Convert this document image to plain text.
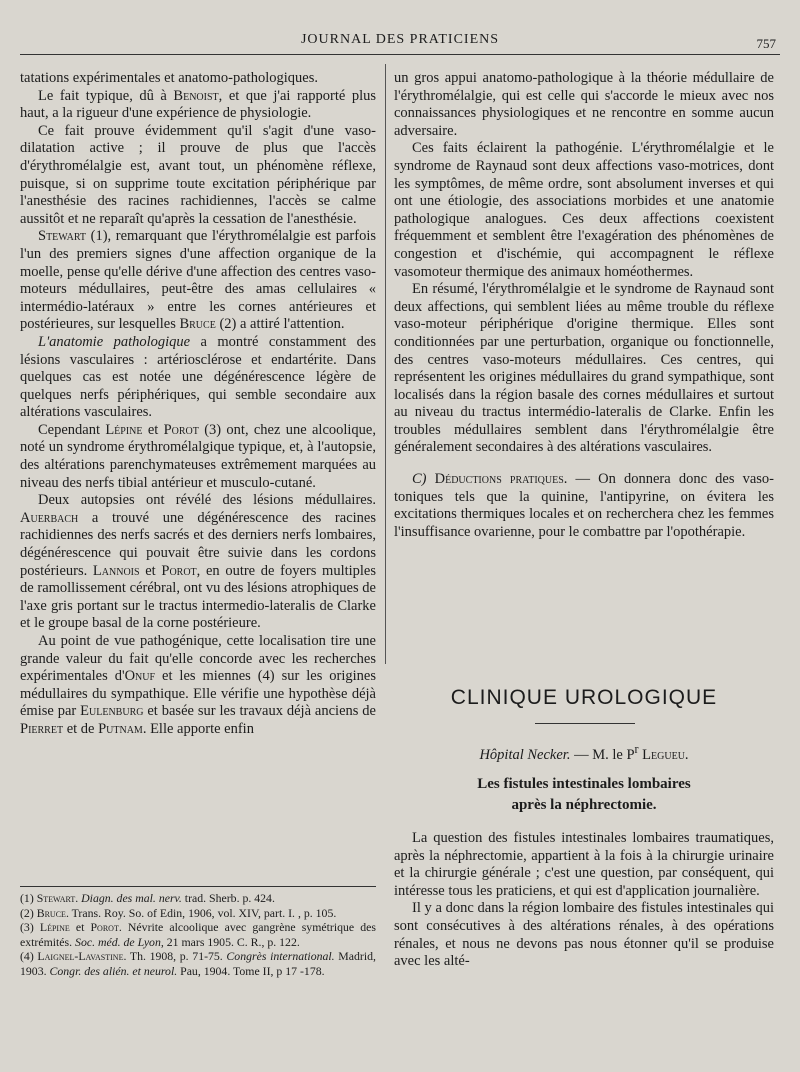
JOURNAL DES PRATICIENS	757

tatations expérimentales et anatomo-pathologiques.

Le fait typique, dû à Benoist, et que j'ai rapporté plus haut, a la rigueur d'une expérience de physiologie.

Ce fait prouve évidemment qu'il s'agit d'une vaso-dilatation active ; il prouve de plus que l'accès d'érythromélalgie est, avant tout, un phénomène réflexe, puisque, si on supprime toute excitation périphérique par l'anesthésie des racines rachidiennes, l'accès se calme aussitôt et ne reparaît qu'après la cessation de l'anesthésie.

Stewart (1), remarquant que l'érythromélalgie est parfois l'un des premiers signes d'une affection organique de la moelle, pense qu'elle dérive d'une affection des centres vaso-moteurs médullaires, peut-être des amas cellulaires « intermédio-latéraux » entre les cornes antérieures et postérieures, sur lesquelles Bruce (2) a attiré l'attention.

L'anatomie pathologique a montré constamment des lésions vasculaires : artériosclérose et endartérite. Dans quelques cas est notée une dégénérescence légère de quelques nerfs périphériques, qui semble secondaire aux altérations vasculaires.

Cependant Lépine et Porot (3) ont, chez une alcoolique, noté un syndrome érythromélalgique typique, et, à l'autopsie, des altérations parenchymateuses extrêmement marquées au niveau des nerfs tibial antérieur et musculo-cutané.

Deux autopsies ont révélé des lésions médullaires. Auerbach a trouvé une dégénérescence des racines rachidiennes des nerfs sacrés et des derniers nerfs lombaires, dégénérescence qui pouvait être suivie dans les cordons postérieurs. Lannois et Porot, en outre de foyers multiples de ramollissement cérébral, ont vu des lésions atrophiques de l'axe gris portant sur le tractus intermedio-lateralis de Clarke et le groupe basal de la corne postérieure.

Au point de vue pathogénique, cette localisation tire une grande valeur du fait qu'elle concorde avec les recherches expérimentales d'Onuf et les miennes (4) sur les origines médullaires du sympathique. Elle vérifie une hypothèse déjà émise par Eulenburg et basée sur les travaux déjà anciens de Pierret et de Putnam. Elle apporte enfin

(1) Stewart. Diagn. des mal. nerv. trad. Sherb. p. 424.

(2) Bruce. Trans. Roy. So. of Edin, 1906, vol. XIV, part. I. , p. 105.

(3) Lépine et Porot. Névrite alcoolique avec gangrène symétrique des extrémités. Soc. méd. de Lyon, 21 mars 1905. C. R., p. 122.

(4) Laignel-Lavastine. Th. 1908, p. 71-75. Congrès international. Madrid, 1903. Congr. des alién. et neurol. Pau, 1904. Tome II, p 17 -178.

un gros appui anatomo-pathologique à la théorie médullaire de l'érythromélalgie, qui est celle qui s'accorde le mieux avec nos connaissances physiologiques et ne rencontre en somme aucun adversaire.

Ces faits éclairent la pathogénie. L'érythromélalgie et le syndrome de Raynaud sont deux affections vaso-motrices, dont les symptômes, de même ordre, sont absolument inverses et qui ont une étiologie, des associations morbides et une anatomie pathologique analogues. Ces deux affections coexistent fréquemment et semblent être l'exagération des phénomènes de congestion et d'ischémie, qui accompagnent le réflexe vasomoteur thermique des animaux homéothermes.

En résumé, l'érythromélalgie et le syndrome de Raynaud sont deux affections, qui semblent liées au même trouble du réflexe vaso-moteur périphérique d'origine thermique. Elles sont conditionnées par une perturbation, organique ou fonctionnelle, des centres vaso-moteurs médullaires. Ces centres, qui représentent les origines médullaires du grand sympathique, sont localisés dans la région basale des cornes médullaires et surtout au niveau du tractus intermédio-lateralis de Clarke. Enfin les troubles médullaires semblent dans l'érythromélalgie être généralement secondaires à des altérations vasculaires.

C) Déductions pratiques. — On donnera donc des vaso-toniques tels que la quinine, l'antipyrine, on évitera les excitations thermiques locales et on recherchera chez les femmes l'insuffisance ovarienne, pour le combattre par l'opothérapie.

CLINIQUE UROLOGIQUE
Hôpital Necker. — M. le $P^r$ Legueu.
Les fistules intestinales lombaires
après la néphrectomie.

La question des fistules intestinales lombaires traumatiques, après la néphrectomie, appartient à la fois à la chirurgie urinaire et la chirurgie générale ; c'est une question, par conséquent, qui intéresse tous les praticiens, et qui est d'application journalière.

Il y a donc dans la région lombaire des fistules intestinales qui sont consécutives à des altérations rénales, à des opérations rénales, et nous ne devons pas nous étonner qu'il se produise avec les alté-
